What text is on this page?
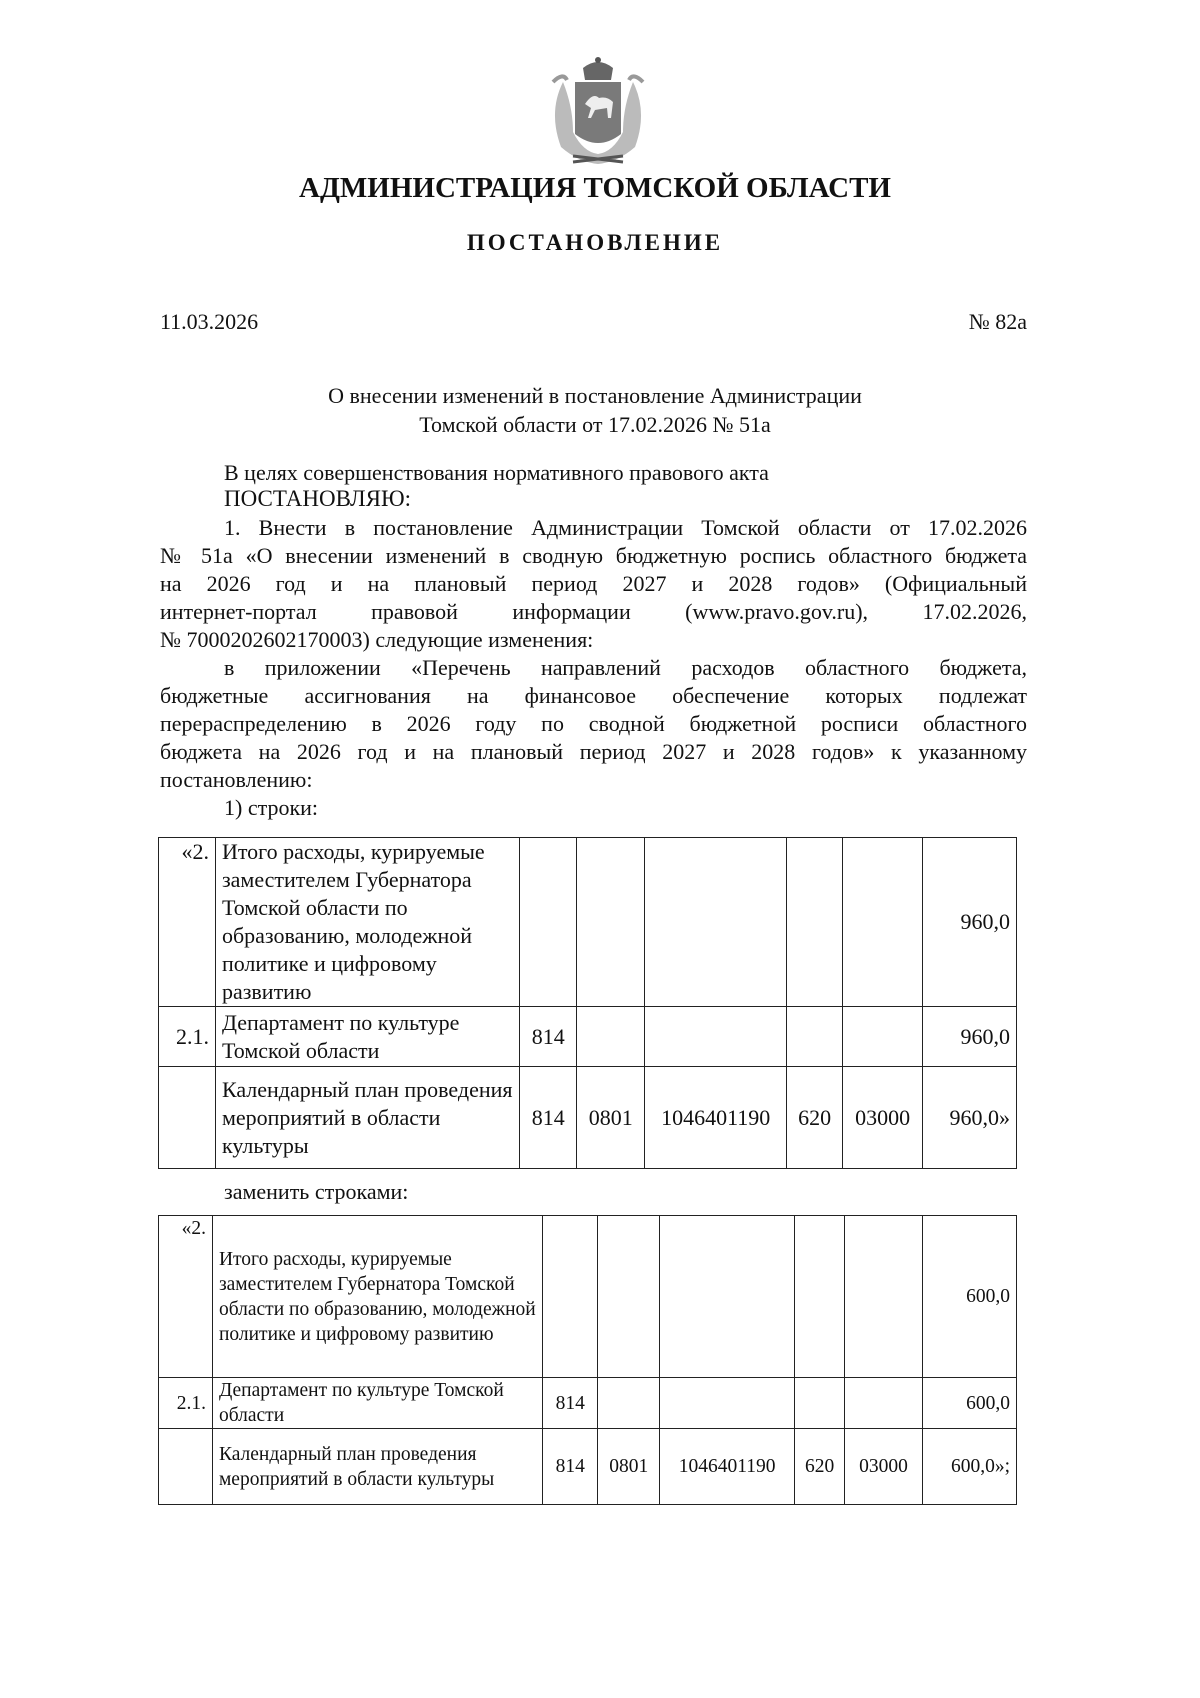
АДМИНИСТРАЦИЯ ТОМСКОЙ ОБЛАСТИ
ПОСТАНОВЛЕНИЕ
11.03.2026	№ 82а
О внесении изменений в постановление Администрации
Томской области от 17.02.2026 № 51а
В целях совершенствования нормативного правового акта
ПОСТАНОВЛЯЮ:
1. Внести в постановление Администрации Томской области от 17.02.2026
№ 51а «О внесении изменений в сводную бюджетную роспись областного бюджета
на 2026 год и на плановый период 2027 и 2028 годов» (Официальный
интернет-портал правовой информации (www.pravo.gov.ru), 17.02.2026,
№ 7000202602170003) следующие изменения:
в приложении «Перечень направлений расходов областного бюджета,
бюджетные ассигнования на финансовое обеспечение которых подлежат
перераспределению в 2026 году по сводной бюджетной росписи областного
бюджета на 2026 год и на плановый период 2027 и 2028 годов» к указанному
постановлению:
1) строки:
«2.	Итого расходы, курируемые заместителем Губернатора Томской области по образованию, молодежной политике и цифровому развитию						960,0
2.1.	Департамент по культуре Томской области	814					960,0
	Календарный план проведения мероприятий в области культуры	814	0801	1046401190	620	03000	960,0»
заменить строками:
«2.	Итого расходы, курируемые заместителем Губернатора Томской области по образованию, молодежной политике и цифровому развитию						600,0
2.1.	Департамент по культуре Томской области	814					600,0
	Календарный план проведения мероприятий в области культуры	814	0801	1046401190	620	03000	600,0»;
